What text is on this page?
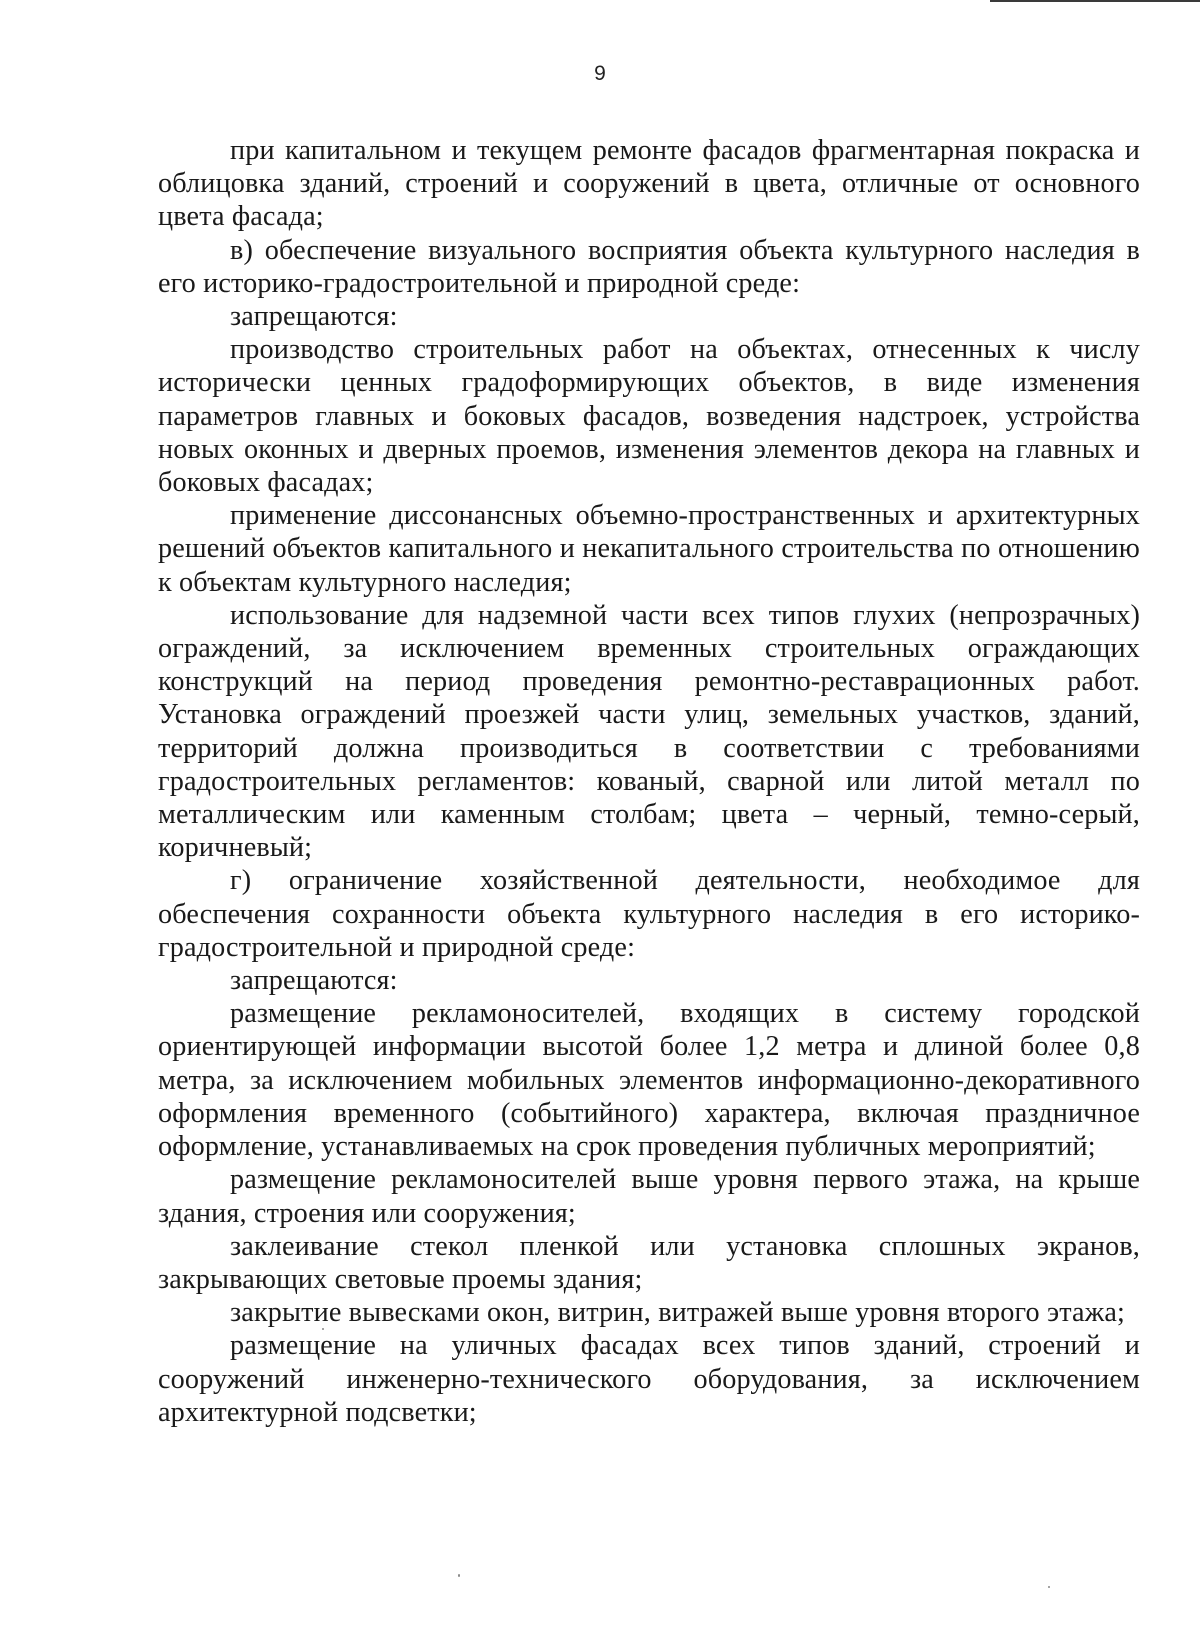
9

при капитальном и текущем ремонте фасадов фрагментарная покраска и облицовка зданий, строений и сооружений в цвета, отличные от основного цвета фасада;

в) обеспечение визуального восприятия объекта культурного наследия в его историко-градостроительной и природной среде:

запрещаются:

производство строительных работ на объектах, отнесенных к числу исторически ценных градоформирующих объектов, в виде изменения параметров главных и боковых фасадов, возведения надстроек, устройства новых оконных и дверных проемов, изменения элементов декора на главных и боковых фасадах;

применение диссонансных объемно-пространственных и архитектурных решений объектов капитального и некапитального строительства по отношению к объектам культурного наследия;

использование для надземной части всех типов глухих (непрозрачных) ограждений, за исключением временных строительных ограждающих конструкций на период проведения ремонтно-реставрационных работ. Установка ограждений проезжей части улиц, земельных участков, зданий, территорий должна производиться в соответствии с требованиями градостроительных регламентов: кованый, сварной или литой металл по металлическим или каменным столбам; цвета – черный, темно-серый, коричневый;

г) ограничение хозяйственной деятельности, необходимое для обеспечения сохранности объекта культурного наследия в его историко-градостроительной и природной среде:

запрещаются:

размещение рекламоносителей, входящих в систему городской ориентирующей информации высотой более 1,2 метра и длиной более 0,8 метра, за исключением мобильных элементов информационно-декоративного оформления временного (событийного) характера, включая праздничное оформление, устанавливаемых на срок проведения публичных мероприятий;

размещение рекламоносителей выше уровня первого этажа, на крыше здания, строения или сооружения;

заклеивание стекол пленкой или установка сплошных экранов, закрывающих световые проемы здания;

закрытие вывесками окон, витрин, витражей выше уровня второго этажа;

размещение на уличных фасадах всех типов зданий, строений и сооружений инженерно-технического оборудования, за исключением архитектурной подсветки;
